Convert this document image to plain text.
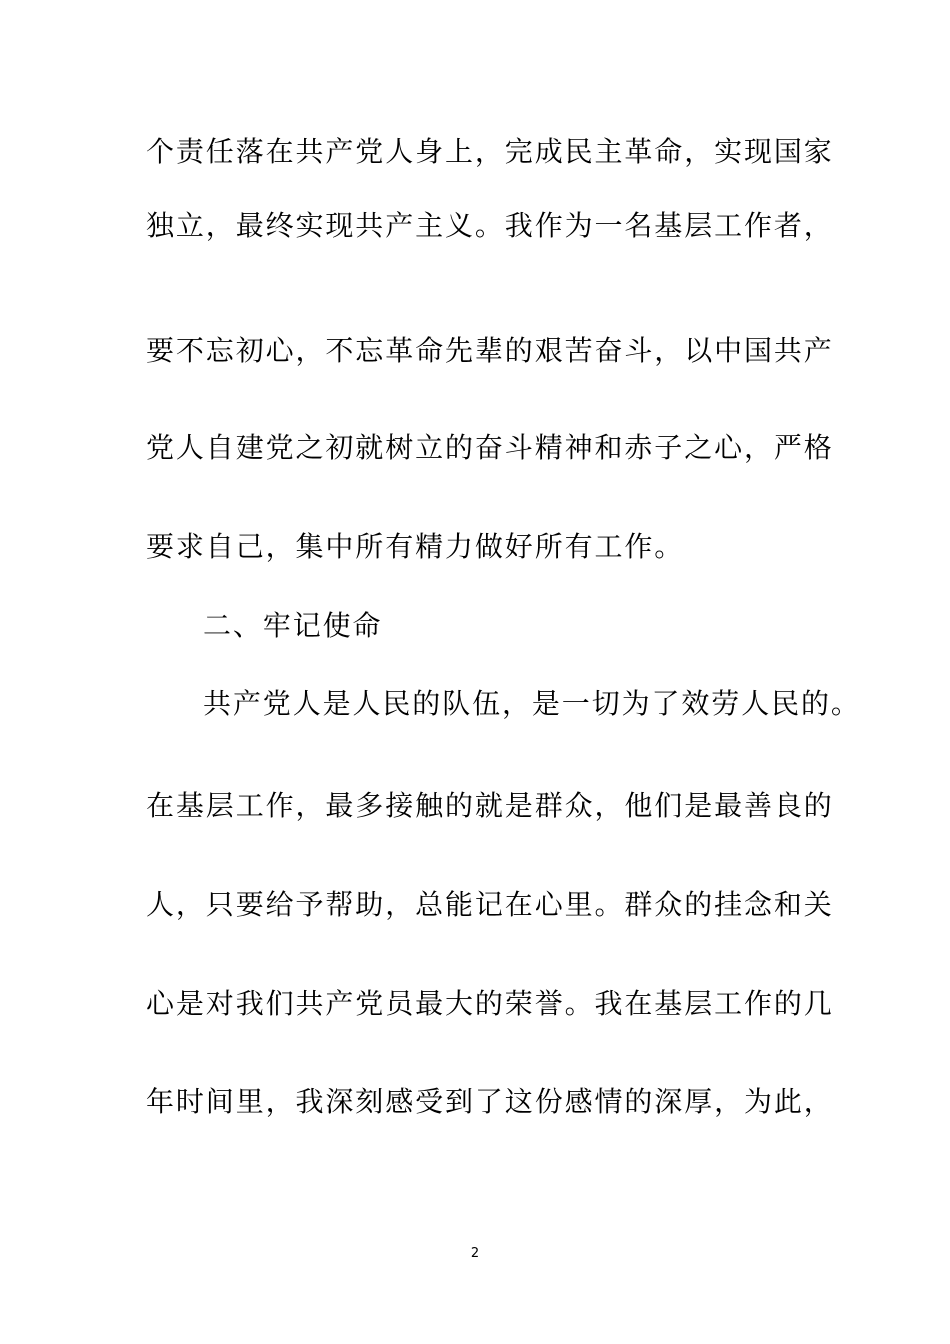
个责任落在共产党人身上，完成民主革命，实现国家
独立，最终实现共产主义。我作为一名基层工作者，
要不忘初心，不忘革命先辈的艰苦奋斗，以中国共产
党人自建党之初就树立的奋斗精神和赤子之心，严格
要求自己，集中所有精力做好所有工作。
二、牢记使命
共产党人是人民的队伍，是一切为了效劳人民的。
在基层工作，最多接触的就是群众，他们是最善良的
人，只要给予帮助，总能记在心里。群众的挂念和关
心是对我们共产党员最大的荣誉。我在基层工作的几
年时间里，我深刻感受到了这份感情的深厚，为此，
2
